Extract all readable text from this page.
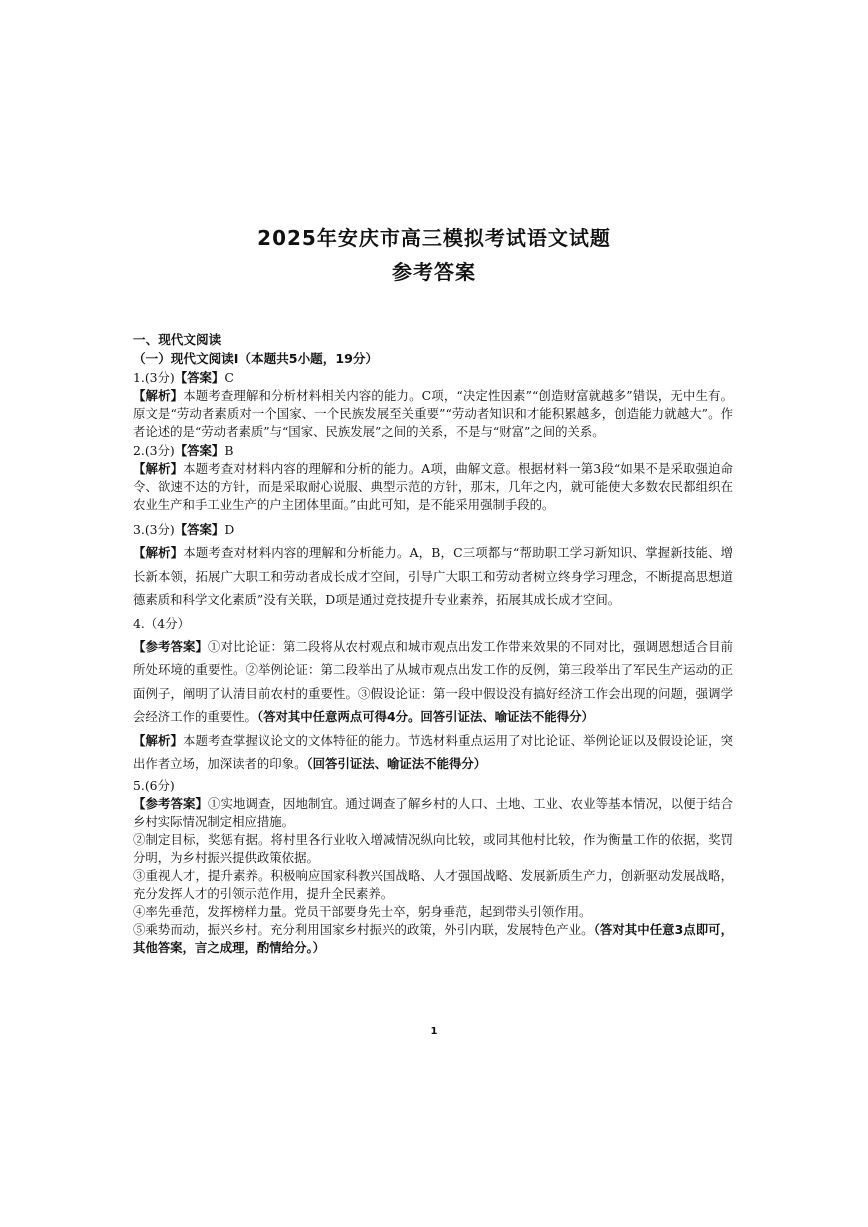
2025年安庆市高三模拟考试语文试题
参考答案

一、现代文阅读

（一）现代文阅读Ⅰ（本题共5小题，19分）

1.(3分)【答案】C

【解析】本题考查理解和分析材料相关内容的能力。C项，“决定性因素”“创造财富就越多”错误，无中生有。原文是“劳动者素质对一个国家、一个民族发展至关重要”“劳动者知识和才能积累越多，创造能力就越大”。作者论述的是“劳动者素质”与“国家、民族发展”之间的关系，不是与“财富”之间的关系。

2.(3分)【答案】B

【解析】本题考查对材料内容的理解和分析的能力。A项，曲解文意。根据材料一第3段“如果不是采取强迫命令、欲速不达的方针，而是采取耐心说服、典型示范的方针，那末，几年之内，就可能使大多数农民都组织在农业生产和手工业生产的户主团体里面。”由此可知，是不能采用强制手段的。

3.(3分)【答案】D

【解析】本题考查对材料内容的理解和分析能力。A，B，C三项都与“帮助职工学习新知识、掌握新技能、增长新本领，拓展广大职工和劳动者成长成才空间，引导广大职工和劳动者树立终身学习理念，不断提高思想道德素质和科学文化素质”没有关联，D项是通过竞技提升专业素养，拓展其成长成才空间。

4.（4分）

【参考答案】①对比论证：第二段将从农村观点和城市观点出发工作带来效果的不同对比，强调恩想适合目前所处环境的重要性。②举例论证：第二段举出了从城市观点出发工作的反例，第三段举出了军民生产运动的正面例子，阐明了认清目前农村的重要性。③假设论证：第一段中假设没有搞好经济工作会出现的问题，强调学会经济工作的重要性。（答对其中任意两点可得4分。回答引证法、喻证法不能得分）

【解析】本题考查掌握议论文的文体特征的能力。节选材料重点运用了对比论证、举例论证以及假设论证，突出作者立场，加深读者的印象。（回答引证法、喻证法不能得分）

5.(6分)

【参考答案】①实地调查，因地制宜。通过调查了解乡村的人口、土地、工业、农业等基本情况，以便于结合乡村实际情况制定相应措施。

②制定目标，奖惩有据。将村里各行业收入增减情况纵向比较，或同其他村比较，作为衡量工作的依据，奖罚分明，为乡村振兴提供政策依据。

③重视人才，提升素养。积极响应国家科教兴国战略、人才强国战略、发展新质生产力，创新驱动发展战略，充分发挥人才的引领示范作用，提升全民素养。

④率先垂范，发挥榜样力量。党员干部要身先士卒，躬身垂范，起到带头引领作用。

⑤乘势而动，振兴乡村。充分利用国家乡村振兴的政策，外引内联，发展特色产业。（答对其中任意3点即可，其他答案，言之成理，酌情给分。）

1
